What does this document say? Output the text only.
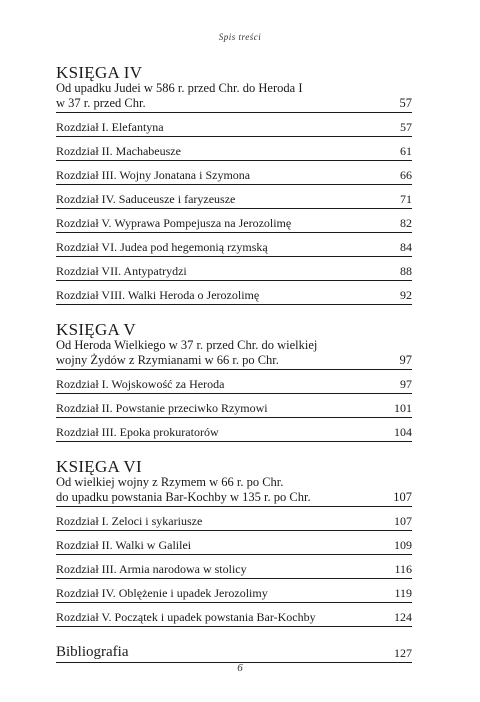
Spis treści
KSIĘGA IV
Od upadku Judei w 586 r. przed Chr. do Heroda I
w 37 r. przed Chr.	57
Rozdział I. Elefantyna	57
Rozdział II. Machabeusze	61
Rozdział III. Wojny Jonatana i Szymona	66
Rozdział IV. Saduceusze i faryzeusze	71
Rozdział V. Wyprawa Pompejusza na Jerozolimę	82
Rozdział VI. Judea pod hegemonią rzymską	84
Rozdział VII. Antypatrydzi	88
Rozdział VIII. Walki Heroda o Jerozolimę	92
KSIĘGA V
Od Heroda Wielkiego w 37 r. przed Chr. do wielkiej
wojny Żydów z Rzymianami w 66 r. po Chr.	97
Rozdział I. Wojskowość za Heroda	97
Rozdział II. Powstanie przeciwko Rzymowi	101
Rozdział III. Epoka prokuratorów	104
KSIĘGA VI
Od wielkiej wojny z Rzymem w 66 r. po Chr.
do upadku powstania Bar-Kochby w 135 r. po Chr.	107
Rozdział I. Zeloci i sykariusze	107
Rozdział II. Walki w Galilei	109
Rozdział III. Armia narodowa w stolicy	116
Rozdział IV. Oblężenie i upadek Jerozolimy	119
Rozdział V. Początek i upadek powstania Bar-Kochby	124
Bibliografia	127
6
